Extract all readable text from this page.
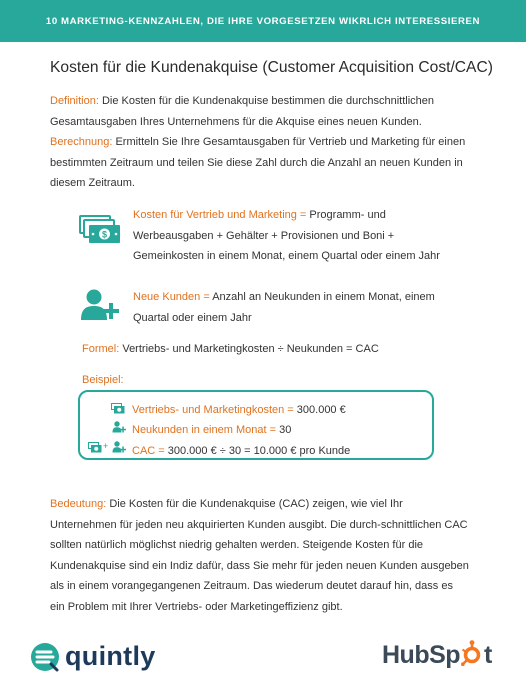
10 MARKETING-KENNZAHLEN, DIE IHRE VORGESETZEN WIKRLICH INTERESSIEREN
Kosten für die Kundenakquise (Customer Acquisition Cost/CAC)
Definition: Die Kosten für die Kundenakquise bestimmen die durchschnittlichen Gesamtausgaben Ihres Unternehmens für die Akquise eines neuen Kunden.
Berechnung: Ermitteln Sie Ihre Gesamtausgaben für Vertrieb und Marketing für einen bestimmten Zeitraum und teilen Sie diese Zahl durch die Anzahl an neuen Kunden in diesem Zeitraum.
$
Kosten für Vertrieb und Marketing = Programm- und Werbeausgaben + Gehälter + Provisionen und Boni + Gemeinkosten in einem Monat, einem Quartal oder einem Jahr
Neue Kunden = Anzahl an Neukunden in einem Monat, einem Quartal oder einem Jahr
Formel: Vertriebs- und Marketingkosten ÷ Neukunden = CAC
Beispiel:
+
Vertriebs- und Marketingkosten = 300.000 €
Neukunden in einem Monat = 30
CAC = 300.000 € ÷ 30 = 10.000 € pro Kunde
Bedeutung: Die Kosten für die Kundenakquise (CAC) zeigen, wie viel Ihr Unternehmen für jeden neu akquirierten Kunden ausgibt. Die durch-schnittlichen CAC sollten natürlich möglichst niedrig gehalten werden. Steigende Kosten für die Kundenakquise sind ein Indiz dafür, dass Sie mehr für jeden neuen Kunden ausgeben als in einem vorangegangenen Zeitraum. Das wiederum deutet darauf hin, dass es ein Problem mit Ihrer Vertriebs- oder Marketingeffizienz gibt.
quintly	HubSp t
